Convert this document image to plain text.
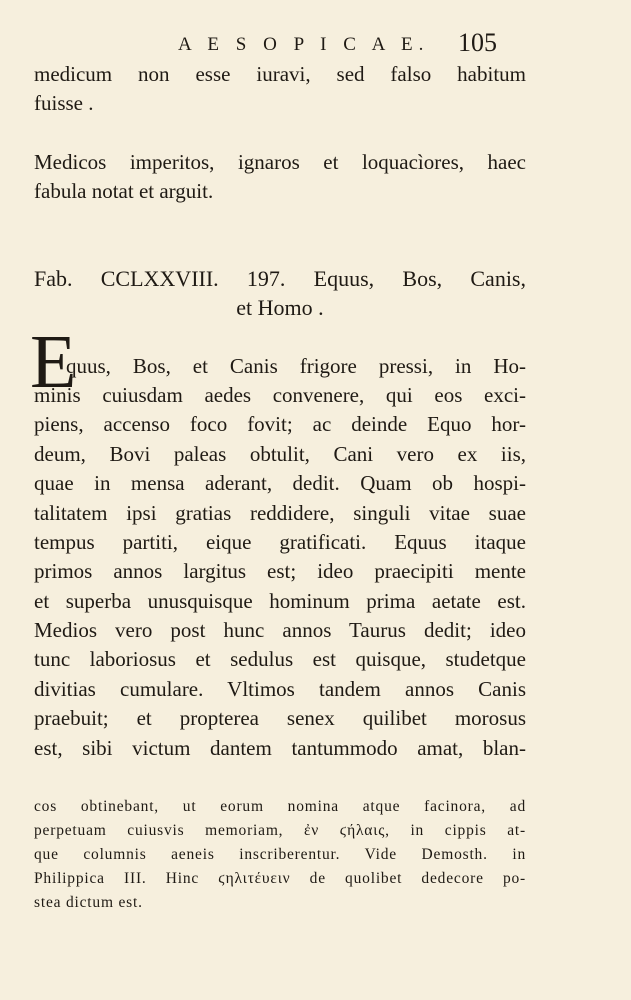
A E S O P I C A E. 105
medicum non esse iuravi, sed falso habitum
fuisse .
Medicos imperitos, ignaros et loquacìores, haec
fabula notat et arguit.
Fab. CCLXXVIII. 197. Equus, Bos, Canis,
et Homo .
E
quus, Bos, et Canis frigore pressi, in Ho-
minis cuiusdam aedes convenere, qui eos exci-
piens, accenso foco fovit; ac deinde Equo hor-
deum, Bovi paleas obtulit, Cani vero ex iis,
quae in mensa aderant, dedit. Quam ob hospi-
talitatem ipsi gratias reddidere, singuli vitae suae
tempus partiti, eique gratificati. Equus itaque
primos annos largitus est; ideo praecipiti mente
et superba unusquisque hominum prima aetate est.
Medios vero post hunc annos Taurus dedit; ideo
tunc laboriosus et sedulus est quisque, studetque
divitias cumulare. Vltimos tandem annos Canis
praebuit; et propterea senex quilibet morosus
est, sibi victum dantem tantummodo amat, blan-
cos obtinebant, ut eorum nomina atque facinora, ad
perpetuam cuiusvis memoriam, ἐν ϛήλαις, in cippis at-
que columnis aeneis inscriberentur. Vide Demosth. in
Philippica III. Hinc ϛηλιτέυειν de quolibet dedecore po-
stea dictum est.
